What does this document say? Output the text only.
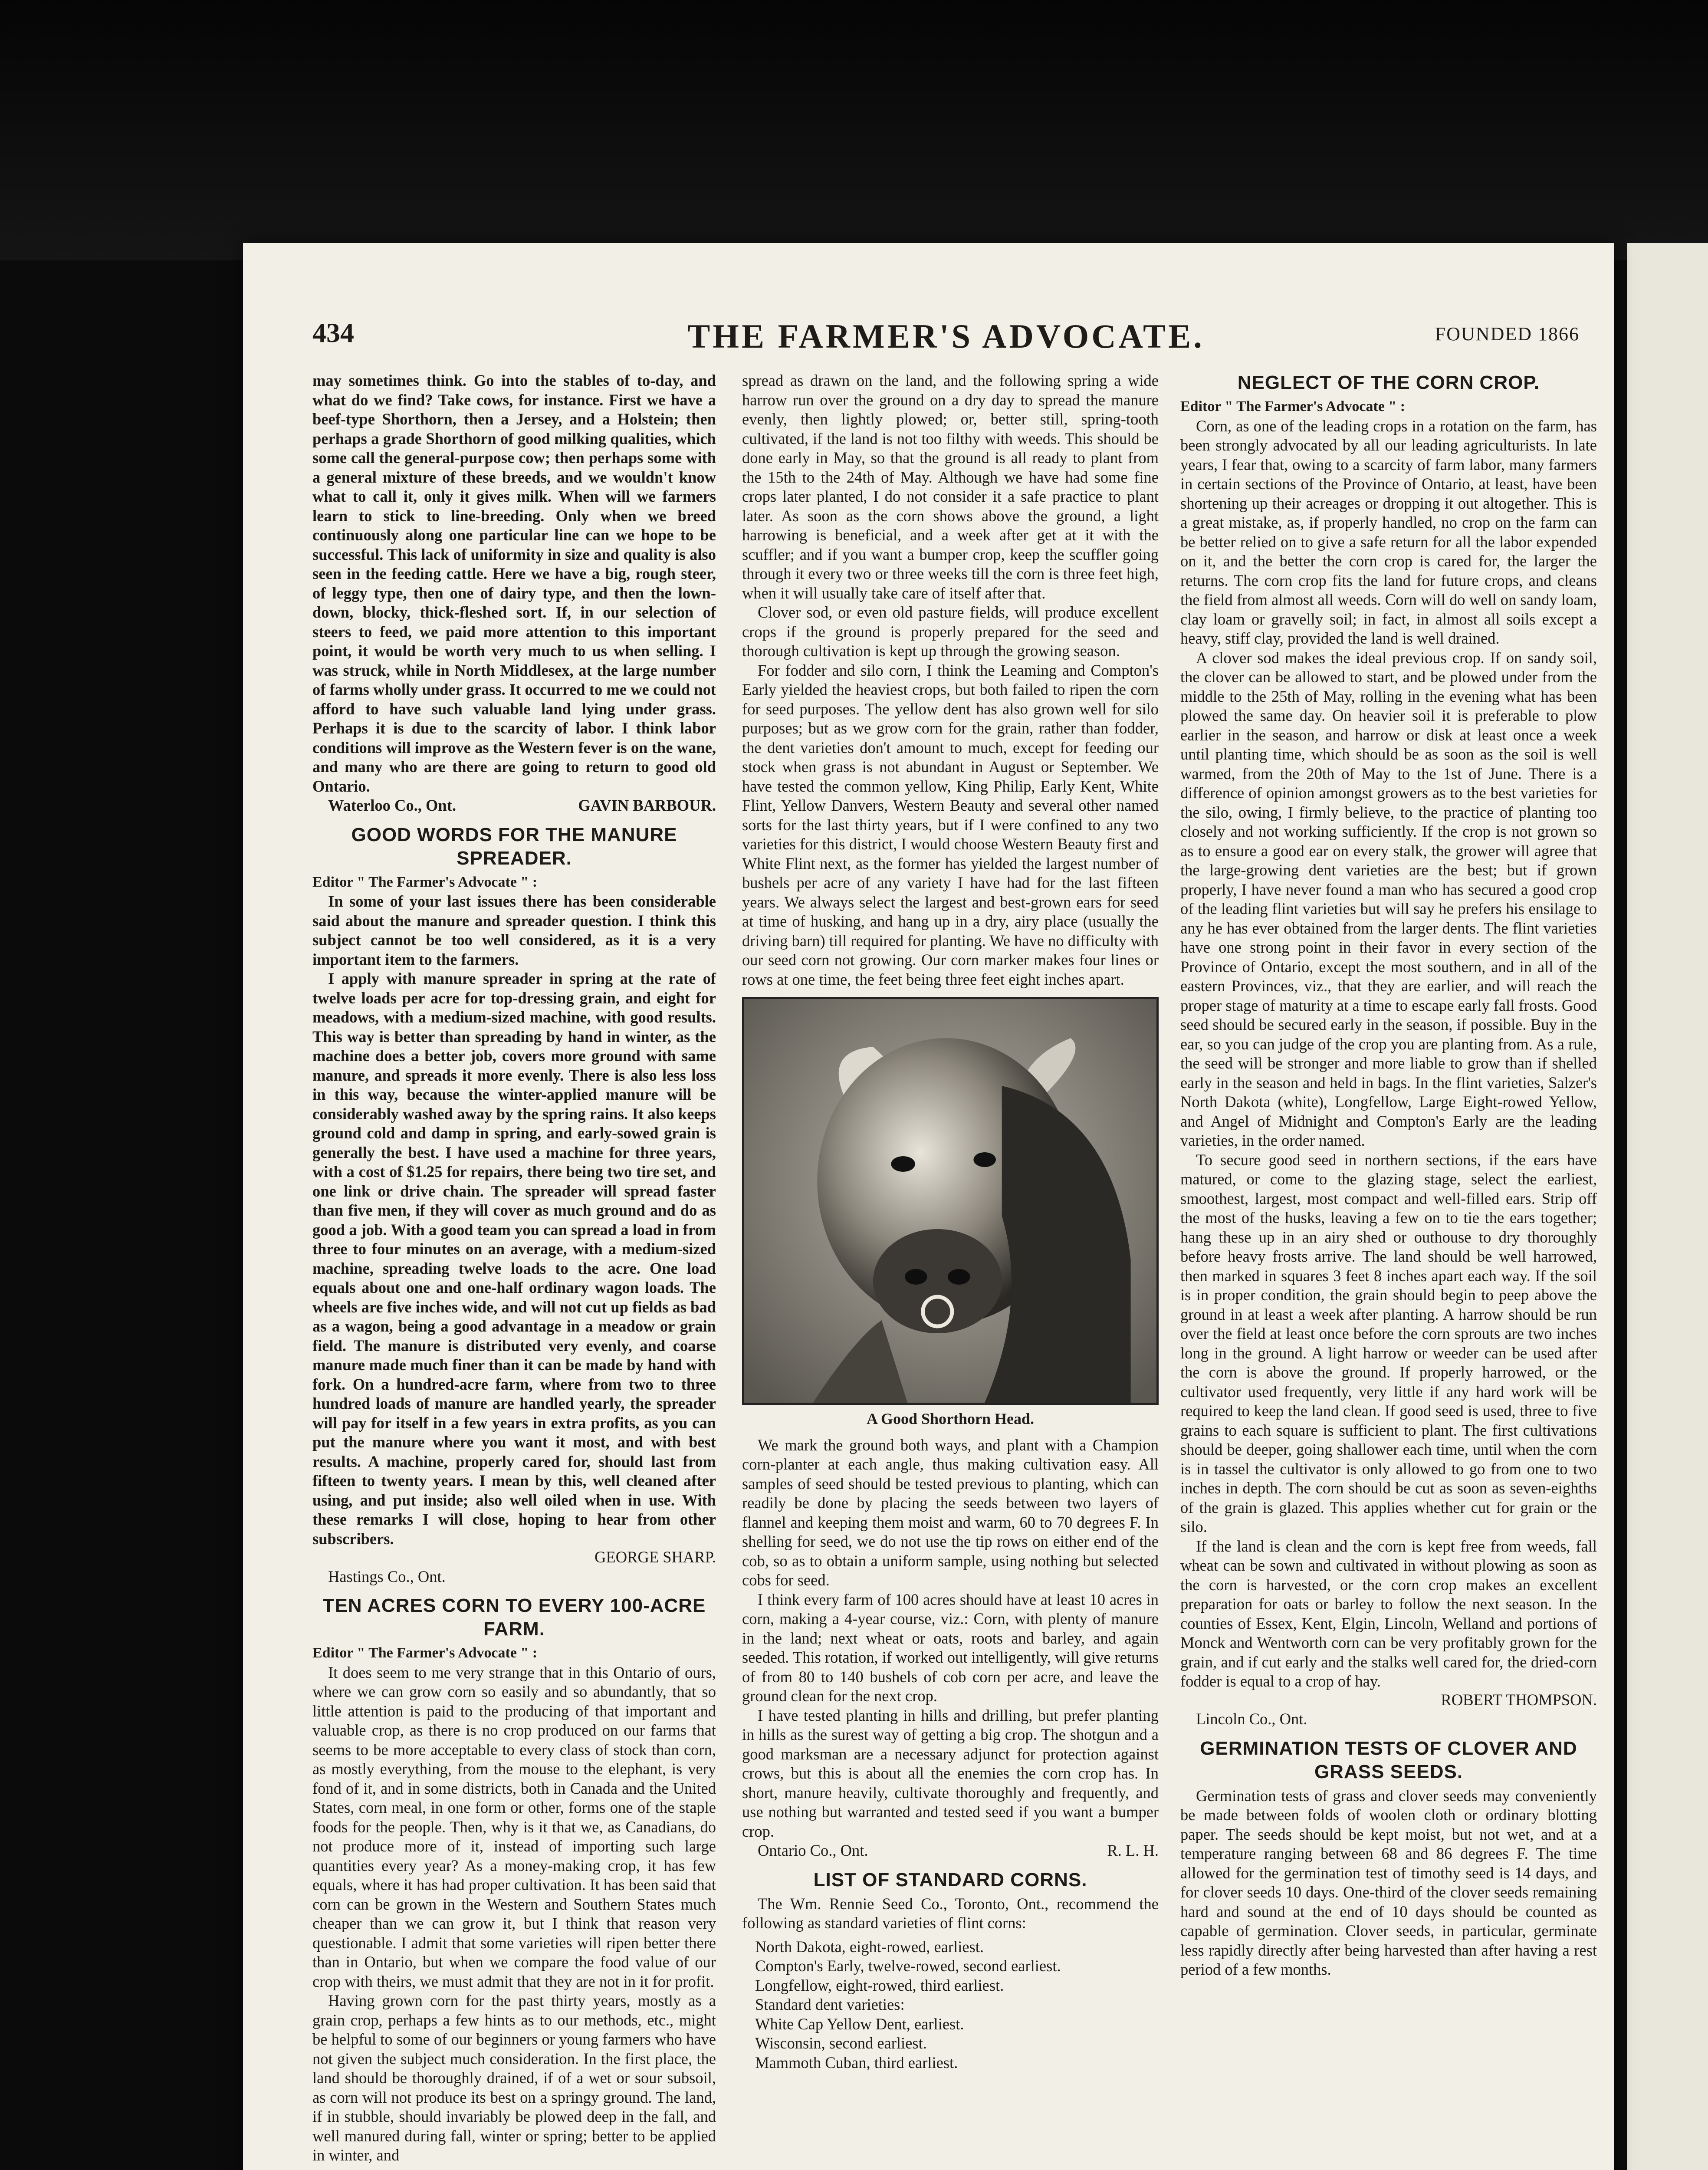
434	THE FARMER'S ADVOCATE.	FOUNDED 1866

may sometimes think. Go into the stables of to-day, and what do we find? Take cows, for instance. First we have a beef-type Shorthorn, then a Jersey, and a Holstein; then perhaps a grade Shorthorn of good milking qualities, which some call the general-purpose cow; then perhaps some with a general mixture of these breeds, and we wouldn't know what to call it, only it gives milk. When will we farmers learn to stick to line-breeding. Only when we breed continuously along one particular line can we hope to be successful. This lack of uniformity in size and quality is also seen in the feeding cattle. Here we have a big, rough steer, of leggy type, then one of dairy type, and then the lown-down, blocky, thick-fleshed sort. If, in our selection of steers to feed, we paid more attention to this important point, it would be worth very much to us when selling. I was struck, while in North Middlesex, at the large number of farms wholly under grass. It occurred to me we could not afford to have such valuable land lying under grass. Perhaps it is due to the scarcity of labor. I think labor conditions will improve as the Western fever is on the wane, and many who are there are going to return to good old Ontario.

Waterloo Co., Ont.	GAVIN BARBOUR.

GOOD WORDS FOR THE MANURE SPREADER.

Editor " The Farmer's Advocate " :

In some of your last issues there has been considerable said about the manure and spreader question. I think this subject cannot be too well considered, as it is a very important item to the farmers.

I apply with manure spreader in spring at the rate of twelve loads per acre for top-dressing grain, and eight for meadows, with a medium-sized machine, with good results. This way is better than spreading by hand in winter, as the machine does a better job, covers more ground with same manure, and spreads it more evenly. There is also less loss in this way, because the winter-applied manure will be considerably washed away by the spring rains. It also keeps ground cold and damp in spring, and early-sowed grain is generally the best. I have used a machine for three years, with a cost of $1.25 for repairs, there being two tire set, and one link or drive chain. The spreader will spread faster than five men, if they will cover as much ground and do as good a job. With a good team you can spread a load in from three to four minutes on an average, with a medium-sized machine, spreading twelve loads to the acre. One load equals about one and one-half ordinary wagon loads. The wheels are five inches wide, and will not cut up fields as bad as a wagon, being a good advantage in a meadow or grain field. The manure is distributed very evenly, and coarse manure made much finer than it can be made by hand with fork. On a hundred-acre farm, where from two to three hundred loads of manure are handled yearly, the spreader will pay for itself in a few years in extra profits, as you can put the manure where you want it most, and with best results. A machine, properly cared for, should last from fifteen to twenty years. I mean by this, well cleaned after using, and put inside; also well oiled when in use. With these remarks I will close, hoping to hear from other subscribers.

GEORGE SHARP.

Hastings Co., Ont.

TEN ACRES CORN TO EVERY 100-ACRE FARM.

Editor " The Farmer's Advocate " :

It does seem to me very strange that in this Ontario of ours, where we can grow corn so easily and so abundantly, that so little attention is paid to the producing of that important and valuable crop, as there is no crop produced on our farms that seems to be more acceptable to every class of stock than corn, as mostly everything, from the mouse to the elephant, is very fond of it, and in some districts, both in Canada and the United States, corn meal, in one form or other, forms one of the staple foods for the people. Then, why is it that we, as Canadians, do not produce more of it, instead of importing such large quantities every year? As a money-making crop, it has few equals, where it has had proper cultivation. It has been said that corn can be grown in the Western and Southern States much cheaper than we can grow it, but I think that reason very questionable. I admit that some varieties will ripen better there than in Ontario, but when we compare the food value of our crop with theirs, we must admit that they are not in it for profit.

Having grown corn for the past thirty years, mostly as a grain crop, perhaps a few hints as to our methods, etc., might be helpful to some of our beginners or young farmers who have not given the subject much consideration. In the first place, the land should be thoroughly drained, if of a wet or sour subsoil, as corn will not produce its best on a springy ground. The land, if in stubble, should invariably be plowed deep in the fall, and well manured during fall, winter or spring; better to be applied in winter, and

spread as drawn on the land, and the following spring a wide harrow run over the ground on a dry day to spread the manure evenly, then lightly plowed; or, better still, spring-tooth cultivated, if the land is not too filthy with weeds. This should be done early in May, so that the ground is all ready to plant from the 15th to the 24th of May. Although we have had some fine crops later planted, I do not consider it a safe practice to plant later. As soon as the corn shows above the ground, a light harrowing is beneficial, and a week after get at it with the scuffler; and if you want a bumper crop, keep the scuffler going through it every two or three weeks till the corn is three feet high, when it will usually take care of itself after that.

Clover sod, or even old pasture fields, will produce excellent crops if the ground is properly prepared for the seed and thorough cultivation is kept up through the growing season.

For fodder and silo corn, I think the Leaming and Compton's Early yielded the heaviest crops, but both failed to ripen the corn for seed purposes. The yellow dent has also grown well for silo purposes; but as we grow corn for the grain, rather than fodder, the dent varieties don't amount to much, except for feeding our stock when grass is not abundant in August or September. We have tested the common yellow, King Philip, Early Kent, White Flint, Yellow Danvers, Western Beauty and several other named sorts for the last thirty years, but if I were confined to any two varieties for this district, I would choose Western Beauty first and White Flint next, as the former has yielded the largest number of bushels per acre of any variety I have had for the last fifteen years. We always select the largest and best-grown ears for seed at time of husking, and hang up in a dry, airy place (usually the driving barn) till required for planting. We have no difficulty with our seed corn not growing. Our corn marker makes four lines or rows at one time, the feet being three feet eight inches apart.

A Good Shorthorn Head.

We mark the ground both ways, and plant with a Champion corn-planter at each angle, thus making cultivation easy. All samples of seed should be tested previous to planting, which can readily be done by placing the seeds between two layers of flannel and keeping them moist and warm, 60 to 70 degrees F. In shelling for seed, we do not use the tip rows on either end of the cob, so as to obtain a uniform sample, using nothing but selected cobs for seed.

I think every farm of 100 acres should have at least 10 acres in corn, making a 4-year course, viz.: Corn, with plenty of manure in the land; next wheat or oats, roots and barley, and again seeded. This rotation, if worked out intelligently, will give returns of from 80 to 140 bushels of cob corn per acre, and leave the ground clean for the next crop.

I have tested planting in hills and drilling, but prefer planting in hills as the surest way of getting a big crop. The shotgun and a good marksman are a necessary adjunct for protection against crows, but this is about all the enemies the corn crop has. In short, manure heavily, cultivate thoroughly and frequently, and use nothing but warranted and tested seed if you want a bumper crop.

Ontario Co., Ont.	R. L. H.

LIST OF STANDARD CORNS.

The Wm. Rennie Seed Co., Toronto, Ont., recommend the following as standard varieties of flint corns:

North Dakota, eight-rowed, earliest.
Compton's Early, twelve-rowed, second earliest.
Longfellow, eight-rowed, third earliest.
Standard dent varieties:
White Cap Yellow Dent, earliest.
Wisconsin, second earliest.
Mammoth Cuban, third earliest.
NEGLECT OF THE CORN CROP.

Editor " The Farmer's Advocate " :

Corn, as one of the leading crops in a rotation on the farm, has been strongly advocated by all our leading agriculturists. In late years, I fear that, owing to a scarcity of farm labor, many farmers in certain sections of the Province of Ontario, at least, have been shortening up their acreages or dropping it out altogether. This is a great mistake, as, if properly handled, no crop on the farm can be better relied on to give a safe return for all the labor expended on it, and the better the corn crop is cared for, the larger the returns. The corn crop fits the land for future crops, and cleans the field from almost all weeds. Corn will do well on sandy loam, clay loam or gravelly soil; in fact, in almost all soils except a heavy, stiff clay, provided the land is well drained.

A clover sod makes the ideal previous crop. If on sandy soil, the clover can be allowed to start, and be plowed under from the middle to the 25th of May, rolling in the evening what has been plowed the same day. On heavier soil it is preferable to plow earlier in the season, and harrow or disk at least once a week until planting time, which should be as soon as the soil is well warmed, from the 20th of May to the 1st of June. There is a difference of opinion amongst growers as to the best varieties for the silo, owing, I firmly believe, to the practice of planting too closely and not working sufficiently. If the crop is not grown so as to ensure a good ear on every stalk, the grower will agree that the large-growing dent varieties are the best; but if grown properly, I have never found a man who has secured a good crop of the leading flint varieties but will say he prefers his ensilage to any he has ever obtained from the larger dents. The flint varieties have one strong point in their favor in every section of the Province of Ontario, except the most southern, and in all of the eastern Provinces, viz., that they are earlier, and will reach the proper stage of maturity at a time to escape early fall frosts. Good seed should be secured early in the season, if possible. Buy in the ear, so you can judge of the crop you are planting from. As a rule, the seed will be stronger and more liable to grow than if shelled early in the season and held in bags. In the flint varieties, Salzer's North Dakota (white), Longfellow, Large Eight-rowed Yellow, and Angel of Midnight and Compton's Early are the leading varieties, in the order named.

To secure good seed in northern sections, if the ears have matured, or come to the glazing stage, select the earliest, smoothest, largest, most compact and well-filled ears. Strip off the most of the husks, leaving a few on to tie the ears together; hang these up in an airy shed or outhouse to dry thoroughly before heavy frosts arrive. The land should be well harrowed, then marked in squares 3 feet 8 inches apart each way. If the soil is in proper condition, the grain should begin to peep above the ground in at least a week after planting. A harrow should be run over the field at least once before the corn sprouts are two inches long in the ground. A light harrow or weeder can be used after the corn is above the ground. If properly harrowed, or the cultivator used frequently, very little if any hard work will be required to keep the land clean. If good seed is used, three to five grains to each square is sufficient to plant. The first cultivations should be deeper, going shallower each time, until when the corn is in tassel the cultivator is only allowed to go from one to two inches in depth. The corn should be cut as soon as seven-eighths of the grain is glazed. This applies whether cut for grain or the silo.

If the land is clean and the corn is kept free from weeds, fall wheat can be sown and cultivated in without plowing as soon as the corn is harvested, or the corn crop makes an excellent preparation for oats or barley to follow the next season. In the counties of Essex, Kent, Elgin, Lincoln, Welland and portions of Monck and Wentworth corn can be very profitably grown for the grain, and if cut early and the stalks well cared for, the dried-corn fodder is equal to a crop of hay.

ROBERT THOMPSON.

Lincoln Co., Ont.

GERMINATION TESTS OF CLOVER AND GRASS SEEDS.

Germination tests of grass and clover seeds may conveniently be made between folds of woolen cloth or ordinary blotting paper. The seeds should be kept moist, but not wet, and at a temperature ranging between 68 and 86 degrees F. The time allowed for the germination test of timothy seed is 14 days, and for clover seeds 10 days. One-third of the clover seeds remaining hard and sound at the end of 10 days should be counted as capable of germination. Clover seeds, in particular, germinate less rapidly directly after being harvested than after having a rest period of a few months.
